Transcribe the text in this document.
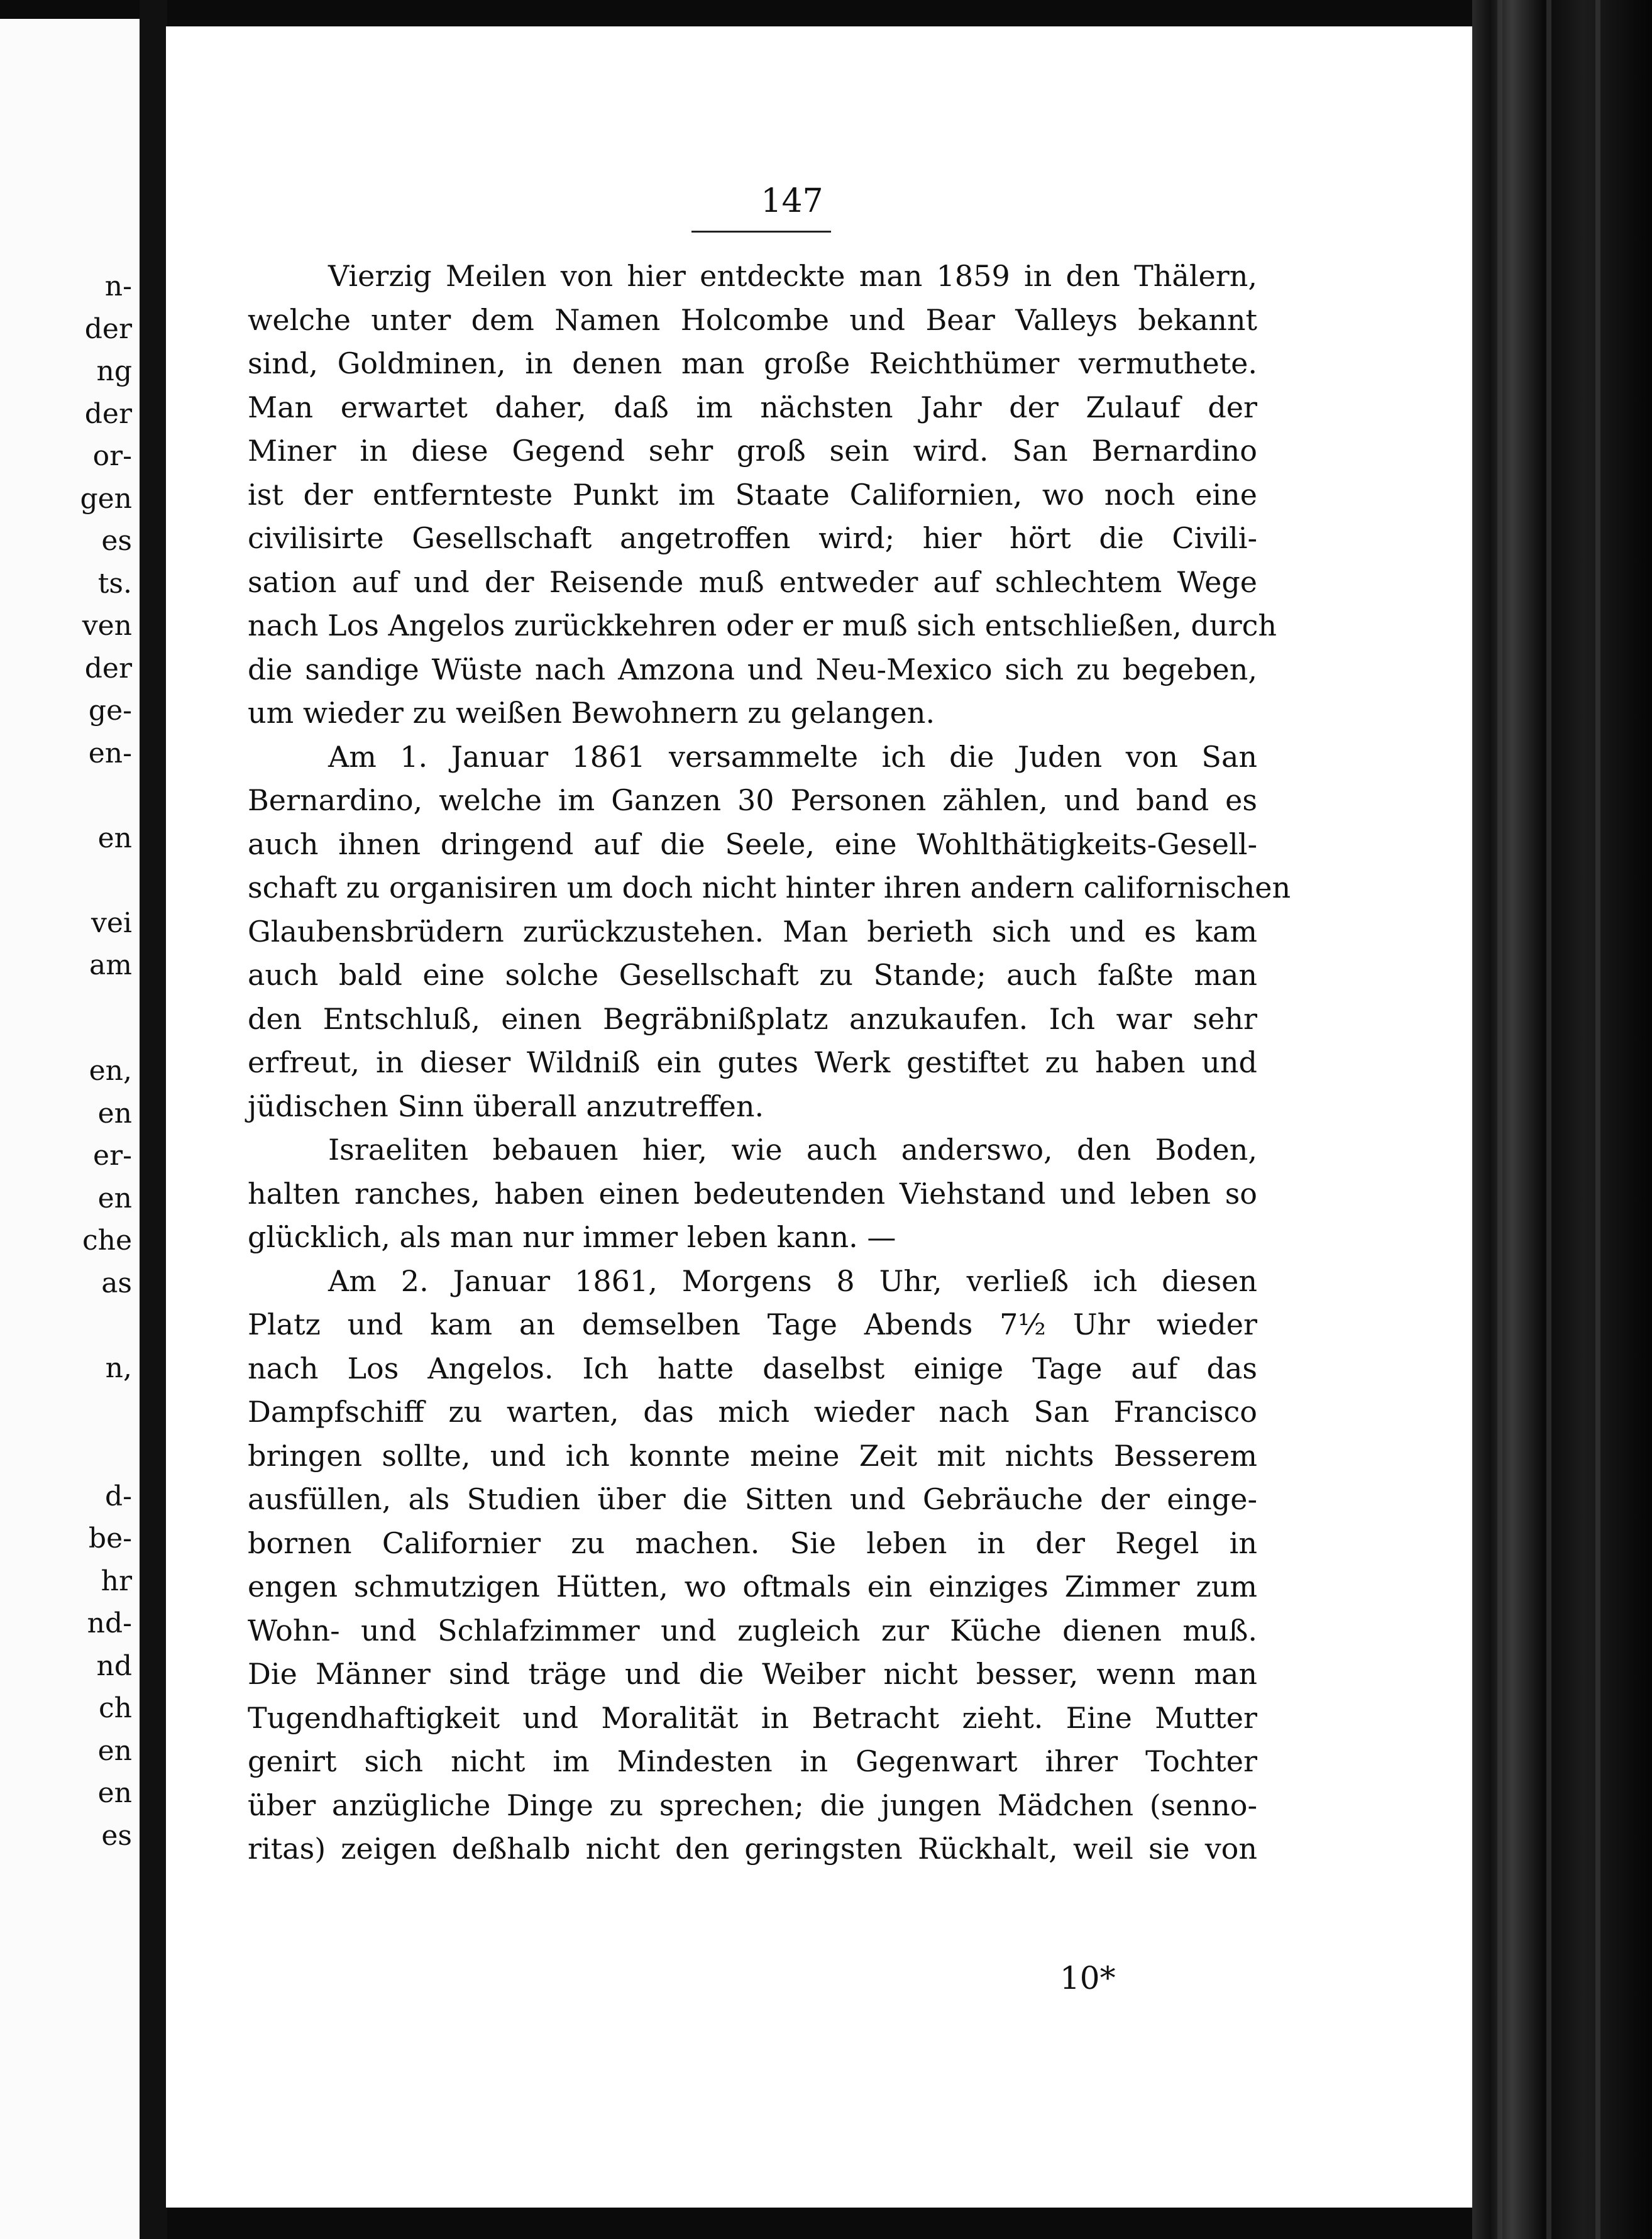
n-
der
ng
der
or-
gen
es
ts.
ven
der
ge-
en-
en
vei
am
en,
en
er-
en
che
as
n,
d-
be-
hr
nd-
nd
ch
en
en
es
147
Vierzig Meilen von hier entdeckte man 1859 in den Thälern,
welche unter dem Namen Holcombe und Bear Valleys bekannt
sind, Goldminen, in denen man große Reichthümer vermuthete.
Man erwartet daher, daß im nächsten Jahr der Zulauf der
Miner in diese Gegend sehr groß sein wird. San Bernardino
ist der entfernteste Punkt im Staate Californien, wo noch eine
civilisirte Gesellschaft angetroffen wird; hier hört die Civili-
sation auf und der Reisende muß entweder auf schlechtem Wege
nach Los Angelos zurückkehren oder er muß sich entschließen, durch
die sandige Wüste nach Amzona und Neu-Mexico sich zu begeben,
um wieder zu weißen Bewohnern zu gelangen.
Am 1. Januar 1861 versammelte ich die Juden von San
Bernardino, welche im Ganzen 30 Personen zählen, und band es
auch ihnen dringend auf die Seele, eine Wohlthätigkeits-Gesell-
schaft zu organisiren um doch nicht hinter ihren andern californischen
Glaubensbrüdern zurückzustehen. Man berieth sich und es kam
auch bald eine solche Gesellschaft zu Stande; auch faßte man
den Entschluß, einen Begräbnißplatz anzukaufen. Ich war sehr
erfreut, in dieser Wildniß ein gutes Werk gestiftet zu haben und
jüdischen Sinn überall anzutreffen.
Israeliten bebauen hier, wie auch anderswo, den Boden,
halten ranches, haben einen bedeutenden Viehstand und leben so
glücklich, als man nur immer leben kann. —
Am 2. Januar 1861, Morgens 8 Uhr, verließ ich diesen
Platz und kam an demselben Tage Abends 7½ Uhr wieder
nach Los Angelos. Ich hatte daselbst einige Tage auf das
Dampfschiff zu warten, das mich wieder nach San Francisco
bringen sollte, und ich konnte meine Zeit mit nichts Besserem
ausfüllen, als Studien über die Sitten und Gebräuche der einge-
bornen Californier zu machen. Sie leben in der Regel in
engen schmutzigen Hütten, wo oftmals ein einziges Zimmer zum
Wohn- und Schlafzimmer und zugleich zur Küche dienen muß.
Die Männer sind träge und die Weiber nicht besser, wenn man
Tugendhaftigkeit und Moralität in Betracht zieht. Eine Mutter
genirt sich nicht im Mindesten in Gegenwart ihrer Tochter
über anzügliche Dinge zu sprechen; die jungen Mädchen (senno-
ritas) zeigen deßhalb nicht den geringsten Rückhalt, weil sie von
10*
